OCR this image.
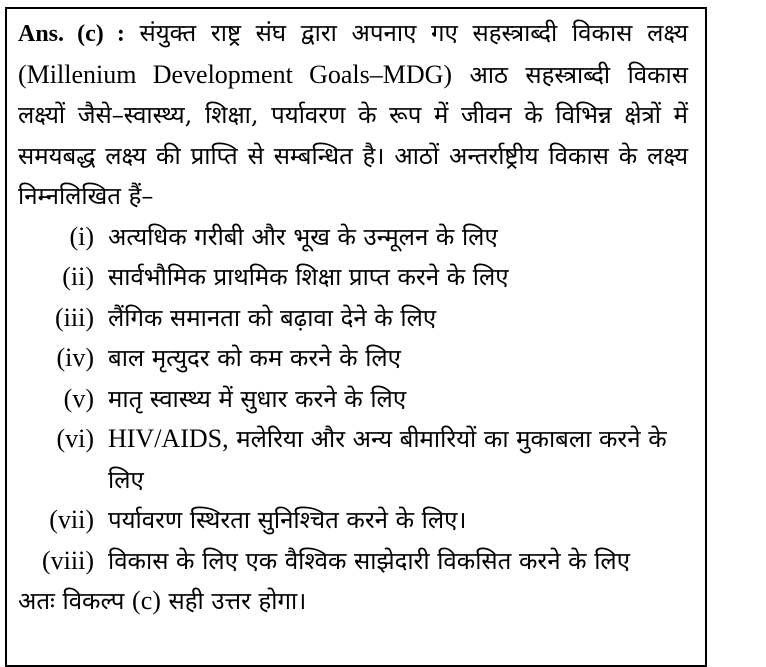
Ans. (c) : संयुक्त राष्ट्र संघ द्वारा अपनाए गए सहस्त्राब्दी विकास लक्ष्य (Millenium Development Goals–MDG) आठ सहस्त्राब्दी विकास लक्ष्यों जैसे–स्वास्थ्य, शिक्षा, पर्यावरण के रूप में जीवन के विभिन्न क्षेत्रों में समयबद्ध लक्ष्य की प्राप्ति से सम्बन्धित है। आठों अन्तर्राष्ट्रीय विकास के लक्ष्य निम्नलिखित हैं–

(i) अत्यधिक गरीबी और भूख के उन्मूलन के लिए
(ii) सार्वभौमिक प्राथमिक शिक्षा प्राप्त करने के लिए
(iii) लैंगिक समानता को बढ़ावा देने के लिए
(iv) बाल मृत्युदर को कम करने के लिए
(v) मातृ स्वास्थ्य में सुधार करने के लिए
(vi) HIV/AIDS, मलेरिया और अन्य बीमारियों का मुकाबला करने के लिए
(vii) पर्यावरण स्थिरता सुनिश्चित करने के लिए।
(viii) विकास के लिए एक वैश्विक साझेदारी विकसित करने के लिए

अतः विकल्प (c) सही उत्तर होगा।
